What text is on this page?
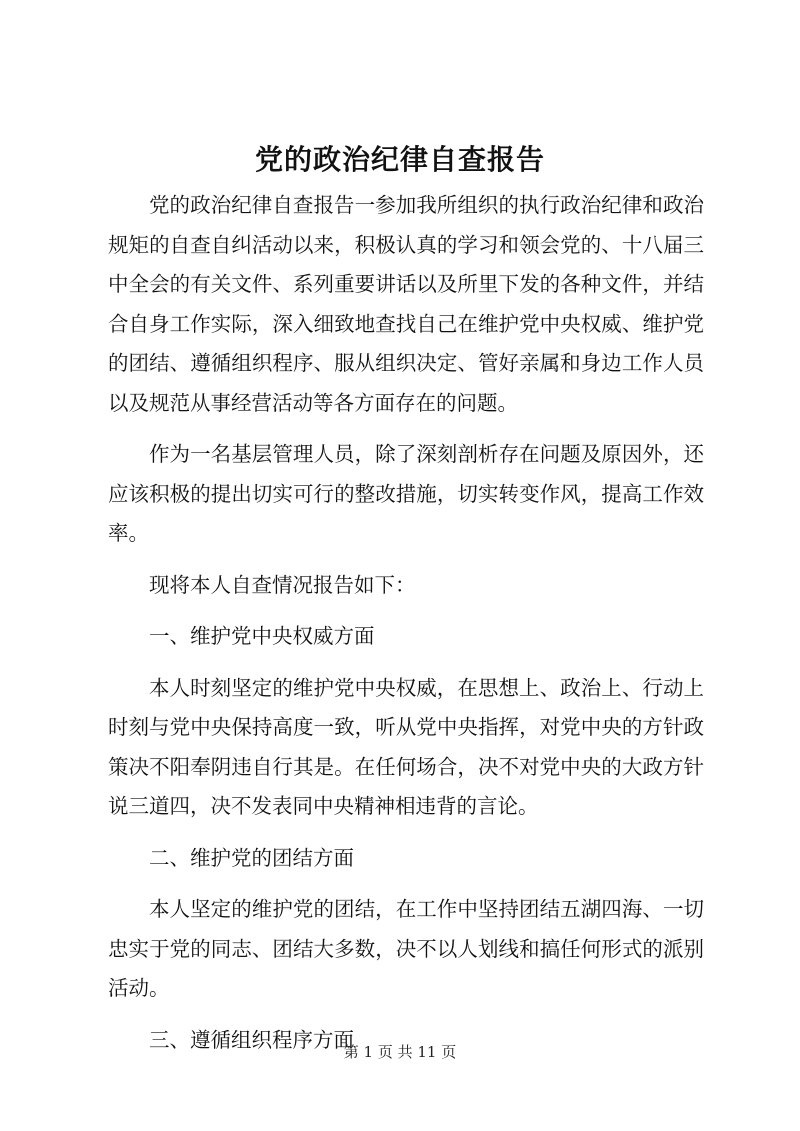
党的政治纪律自查报告

党的政治纪律自查报告一参加我所组织的执行政治纪律和政治规矩的自查自纠活动以来，积极认真的学习和领会党的、十八届三中全会的有关文件、系列重要讲话以及所里下发的各种文件，并结合自身工作实际，深入细致地查找自己在维护党中央权威、维护党的团结、遵循组织程序、服从组织决定、管好亲属和身边工作人员以及规范从事经营活动等各方面存在的问题。

作为一名基层管理人员，除了深刻剖析存在问题及原因外，还应该积极的提出切实可行的整改措施，切实转变作风，提高工作效率。

现将本人自查情况报告如下：

一、维护党中央权威方面

本人时刻坚定的维护党中央权威，在思想上、政治上、行动上时刻与党中央保持高度一致，听从党中央指挥，对党中央的方针政策决不阳奉阴违自行其是。在任何场合，决不对党中央的大政方针说三道四，决不发表同中央精神相违背的言论。

二、维护党的团结方面

本人坚定的维护党的团结，在工作中坚持团结五湖四海、一切忠实于党的同志、团结大多数，决不以人划线和搞任何形式的派别活动。

三、遵循组织程序方面

第 1 页 共 11 页
